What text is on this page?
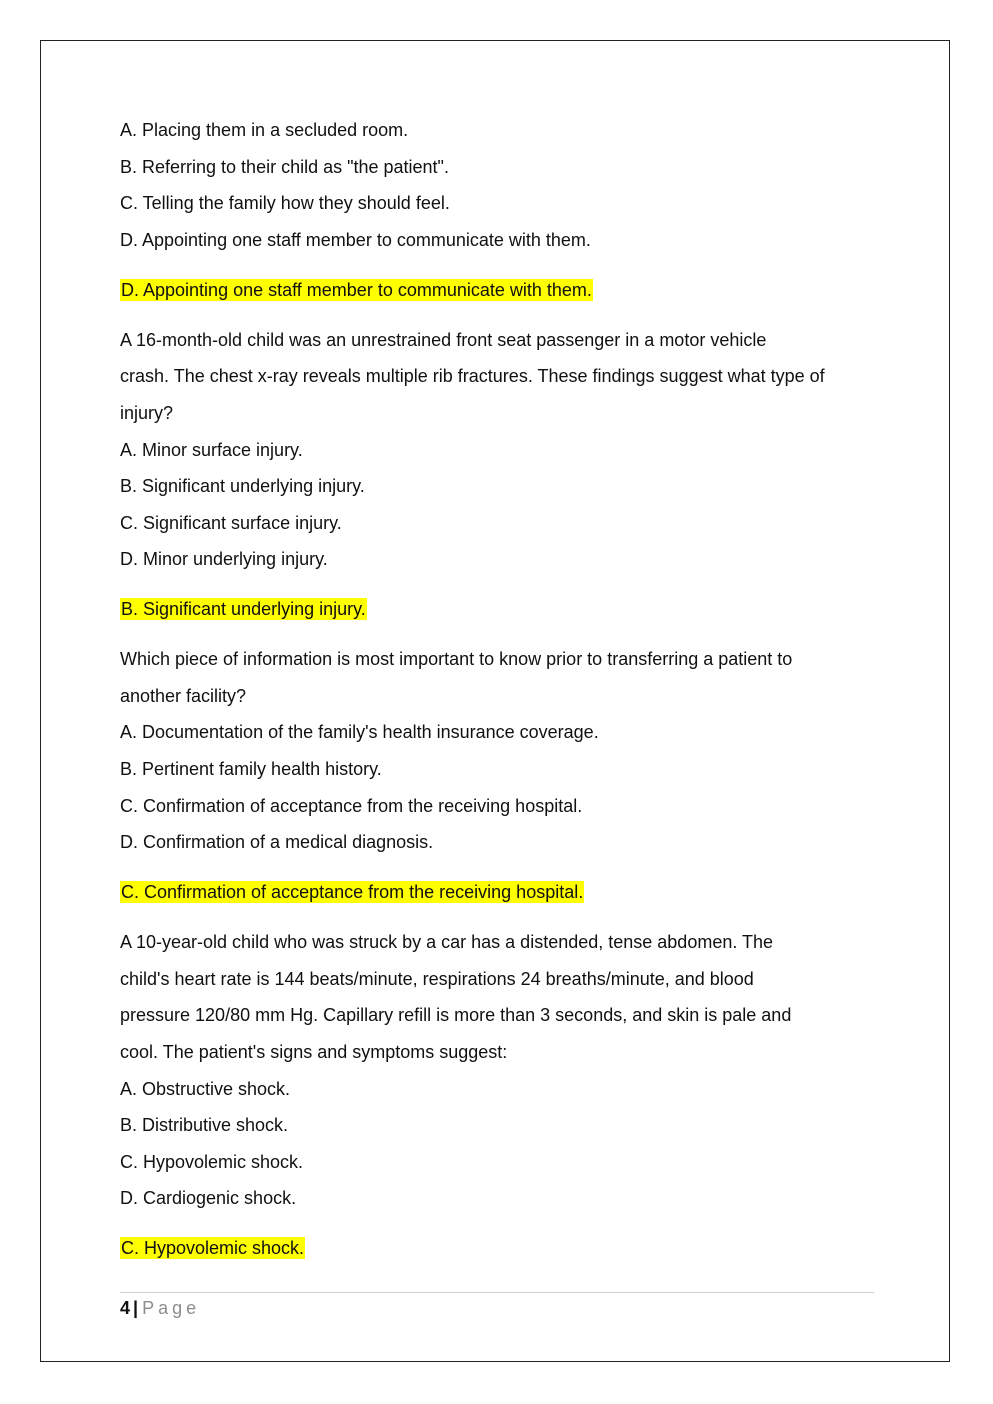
A. Placing them in a secluded room.
B. Referring to their child as "the patient".
C. Telling the family how they should feel.
D. Appointing one staff member to communicate with them.
D. Appointing one staff member to communicate with them.
A 16-month-old child was an unrestrained front seat passenger in a motor vehicle
crash. The chest x-ray reveals multiple rib fractures. These findings suggest what type of
injury?
A. Minor surface injury.
B. Significant underlying injury.
C. Significant surface injury.
D. Minor underlying injury.
B. Significant underlying injury.
Which piece of information is most important to know prior to transferring a patient to
another facility?
A. Documentation of the family's health insurance coverage.
B. Pertinent family health history.
C. Confirmation of acceptance from the receiving hospital.
D. Confirmation of a medical diagnosis.
C. Confirmation of acceptance from the receiving hospital.
A 10-year-old child who was struck by a car has a distended, tense abdomen. The
child's heart rate is 144 beats/minute, respirations 24 breaths/minute, and blood
pressure 120/80 mm Hg. Capillary refill is more than 3 seconds, and skin is pale and
cool. The patient's signs and symptoms suggest:
A. Obstructive shock.
B. Distributive shock.
C. Hypovolemic shock.
D. Cardiogenic shock.
C. Hypovolemic shock.
4 | Page
